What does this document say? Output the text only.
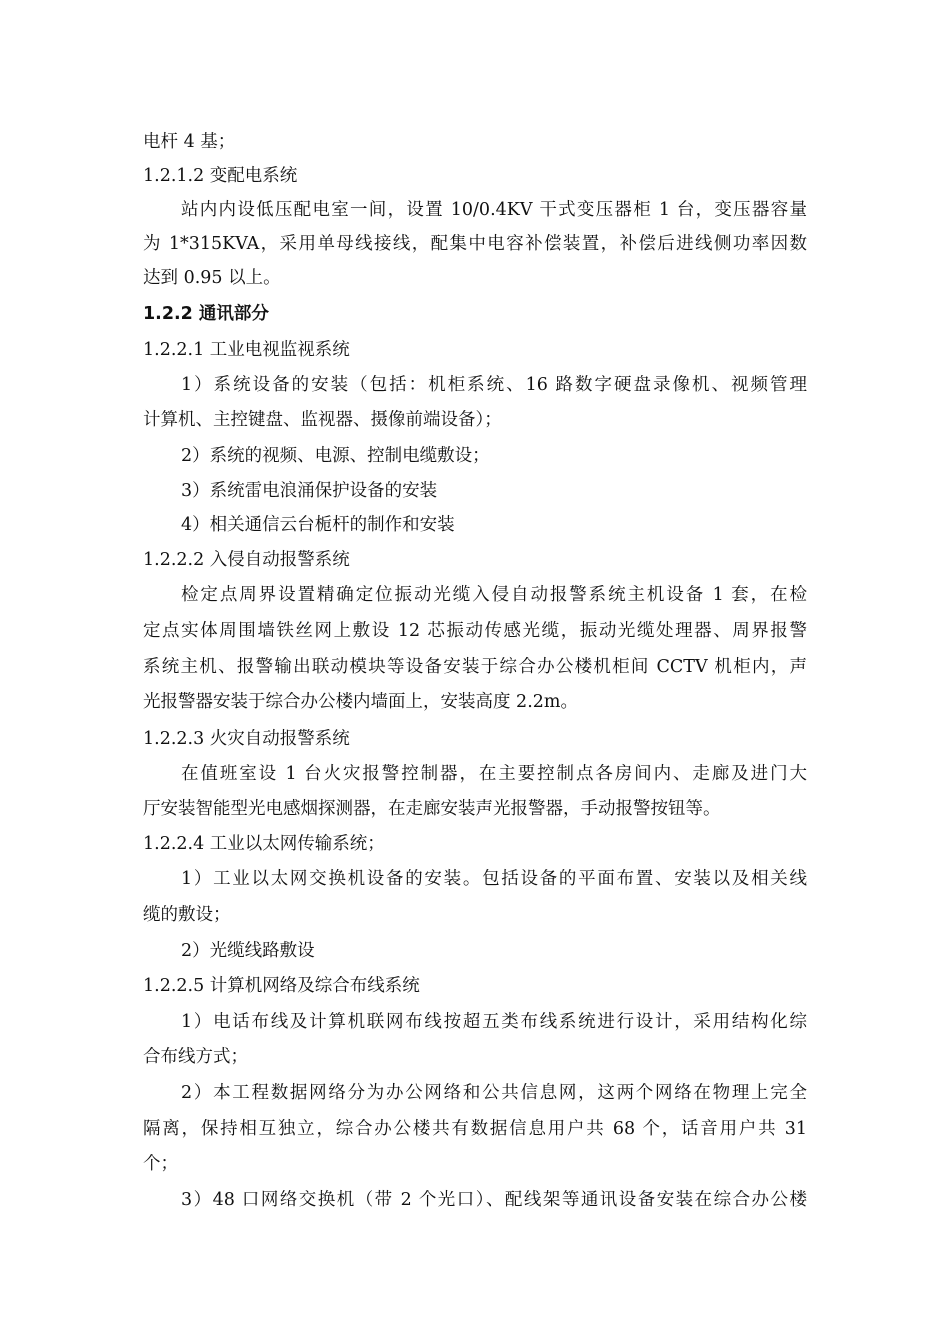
电杆 4 基；
1.2.1.2 变配电系统
站内内设低压配电室一间，设置 10/0.4KV 干式变压器柜 1 台，变压器容量
为 1*315KVA，采用单母线接线，配集中电容补偿装置，补偿后进线侧功率因数
达到 0.95 以上。
1.2.2 通讯部分
1.2.2.1 工业电视监视系统
1）系统设备的安装（包括：机柜系统、16 路数字硬盘录像机、视频管理
计算机、主控键盘、监视器、摄像前端设备）；
2）系统的视频、电源、控制电缆敷设；
3）系统雷电浪涌保护设备的安装
4）相关通信云台栀杆的制作和安装
1.2.2.2 入侵自动报警系统
检定点周界设置精确定位振动光缆入侵自动报警系统主机设备 1 套，在检
定点实体周围墙铁丝网上敷设 12 芯振动传感光缆，振动光缆处理器、周界报警
系统主机、报警输出联动模块等设备安装于综合办公楼机柜间 CCTV 机柜内，声
光报警器安装于综合办公楼内墙面上，安装高度 2.2m。
1.2.2.3 火灾自动报警系统
在值班室设 1 台火灾报警控制器，在主要控制点各房间内、走廊及进门大
厅安装智能型光电感烟探测器，在走廊安装声光报警器，手动报警按钮等。
1.2.2.4 工业以太网传输系统；
1）工业以太网交换机设备的安装。包括设备的平面布置、安装以及相关线
缆的敷设；
2）光缆线路敷设
1.2.2.5 计算机网络及综合布线系统
1）电话布线及计算机联网布线按超五类布线系统进行设计，采用结构化综
合布线方式；
2）本工程数据网络分为办公网络和公共信息网，这两个网络在物理上完全
隔离，保持相互独立，综合办公楼共有数据信息用户共 68 个，话音用户共 31
个；
3）48 口网络交换机（带 2 个光口）、配线架等通讯设备安装在综合办公楼
